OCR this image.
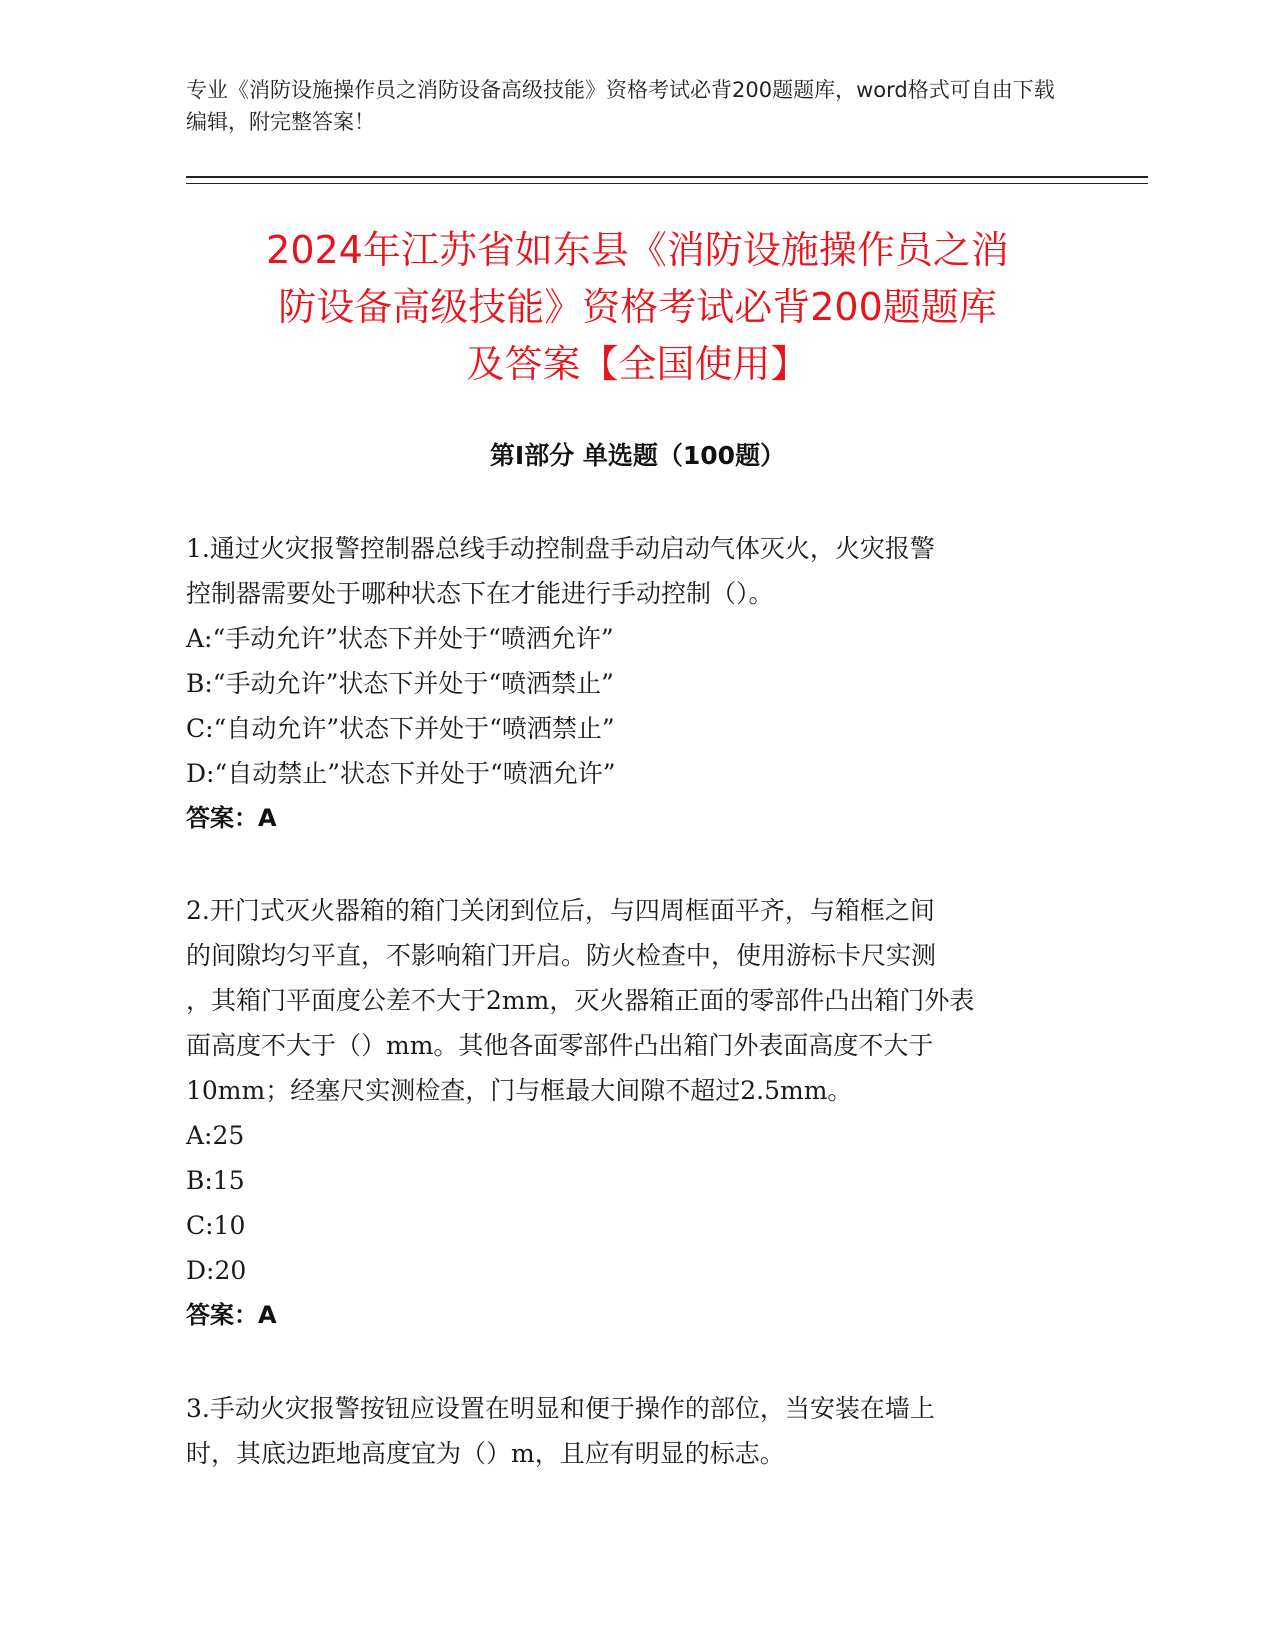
专业《消防设施操作员之消防设备高级技能》资格考试必背200题题库，word格式可自由下载编辑，附完整答案！
2024年江苏省如东县《消防设施操作员之消
防设备高级技能》资格考试必背200题题库
及答案【全国使用】
第I部分 单选题（100题）

1.通过火灾报警控制器总线手动控制盘手动启动气体灭火，火灾报警
控制器需要处于哪种状态下在才能进行手动控制（）。

A:“手动允许”状态下并处于“喷洒允许”

B:“手动允许”状态下并处于“喷洒禁止”

C:“自动允许”状态下并处于“喷洒禁止”

D:“自动禁止”状态下并处于“喷洒允许”

答案：A

2.开门式灭火器箱的箱门关闭到位后，与四周框面平齐，与箱框之间
的间隙均匀平直，不影响箱门开启。防火检查中，使用游标卡尺实测
，其箱门平面度公差不大于2mm，灭火器箱正面的零部件凸出箱门外表
面高度不大于（）mm。其他各面零部件凸出箱门外表面高度不大于
10mm；经塞尺实测检查，门与框最大间隙不超过2.5mm。

A:25

B:15

C:10

D:20

答案：A

3.手动火灾报警按钮应设置在明显和便于操作的部位，当安装在墙上
时，其底边距地高度宜为（）m，且应有明显的标志。
